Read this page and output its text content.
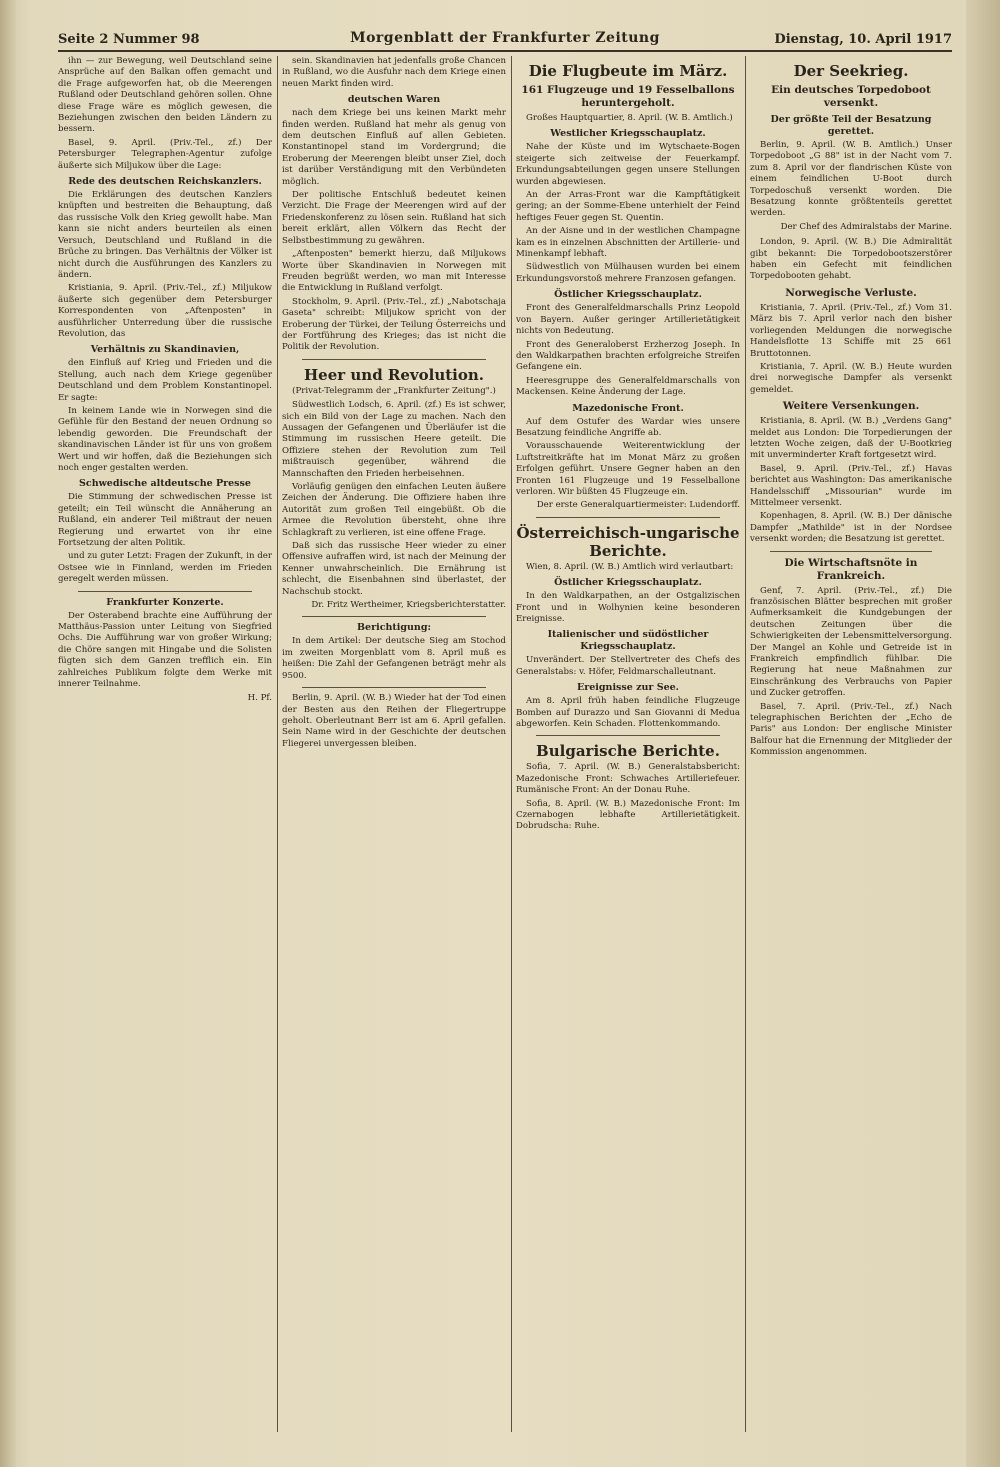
Seite 2 Nummer 98	Morgenblatt der Frankfurter Zeitung	Dienstag, 10. April 1917

ihn — zur Bewegung, weil Deutschland seine Ansprüche auf den Balkan offen gemacht und die Frage aufgeworfen hat, ob die Meerengen Rußland oder Deutschland gehören sollen. Ohne diese Frage wäre es möglich gewesen, die Beziehungen zwischen den beiden Ländern zu bessern.

Basel, 9. April. (Priv.-Tel., zf.) Der Petersburger Telegraphen-Agentur zufolge äußerte sich Miljukow über die Lage:

Rede des deutschen Reichskanzlers.

Die Erklärungen des deutschen Kanzlers knüpften und bestreiten die Behauptung, daß das russische Volk den Krieg gewollt habe. Man kann sie nicht anders beurteilen als einen Versuch, Deutschland und Rußland in die Brüche zu bringen. Das Verhältnis der Völker ist nicht durch die Ausführungen des Kanzlers zu ändern.

Kristiania, 9. April. (Priv.-Tel., zf.) Miljukow äußerte sich gegenüber dem Petersburger Korrespondenten von „Aftenposten" in ausführlicher Unterredung über die russische Revolution, das

Verhältnis zu Skandinavien,

den Einfluß auf Krieg und Frieden und die Stellung, auch nach dem Kriege gegenüber Deutschland und dem Problem Konstantinopel. Er sagte:

In keinem Lande wie in Norwegen sind die Gefühle für den Bestand der neuen Ordnung so lebendig geworden. Die Freundschaft der skandinavischen Länder ist für uns von großem Wert und wir hoffen, daß die Beziehungen sich noch enger gestalten werden.

Schwedische altdeutsche Presse

Die Stimmung der schwedischen Presse ist geteilt; ein Teil wünscht die Annäherung an Rußland, ein anderer Teil mißtraut der neuen Regierung und erwartet von ihr eine Fortsetzung der alten Politik.

und zu guter Letzt: Fragen der Zukunft, in der Ostsee wie in Finnland, werden im Frieden geregelt werden müssen.

Frankfurter Konzerte.

Der Osterabend brachte eine Aufführung der Matthäus-Passion unter Leitung von Siegfried Ochs. Die Aufführung war von großer Wirkung; die Chöre sangen mit Hingabe und die Solisten fügten sich dem Ganzen trefflich ein. Ein zahlreiches Publikum folgte dem Werke mit innerer Teilnahme.

H. Pf.

sein. Skandinavien hat jedenfalls große Chancen in Rußland, wo die Ausfuhr nach dem Kriege einen neuen Markt finden wird.

deutschen Waren

nach dem Kriege bei uns keinen Markt mehr finden werden. Rußland hat mehr als genug von dem deutschen Einfluß auf allen Gebieten. Konstantinopel stand im Vordergrund; die Eroberung der Meerengen bleibt unser Ziel, doch ist darüber Verständigung mit den Verbündeten möglich.

Der politische Entschluß bedeutet keinen Verzicht. Die Frage der Meerengen wird auf der Friedenskonferenz zu lösen sein. Rußland hat sich bereit erklärt, allen Völkern das Recht der Selbstbestimmung zu gewähren.

„Aftenposten" bemerkt hierzu, daß Miljukows Worte über Skandinavien in Norwegen mit Freuden begrüßt werden, wo man mit Interesse die Entwicklung in Rußland verfolgt.

Stockholm, 9. April. (Priv.-Tel., zf.) „Nabotschaja Gaseta" schreibt: Miljukow spricht von der Eroberung der Türkei, der Teilung Österreichs und der Fortführung des Krieges; das ist nicht die Politik der Revolution.

Heer und Revolution.
(Privat-Telegramm der „Frankfurter Zeitung".)

Südwestlich Lodsch, 6. April. (zf.) Es ist schwer, sich ein Bild von der Lage zu machen. Nach den Aussagen der Gefangenen und Überläufer ist die Stimmung im russischen Heere geteilt. Die Offiziere stehen der Revolution zum Teil mißtrauisch gegenüber, während die Mannschaften den Frieden herbeisehnen.

Vorläufig genügen den einfachen Leuten äußere Zeichen der Änderung. Die Offiziere haben ihre Autorität zum großen Teil eingebüßt. Ob die Armee die Revolution übersteht, ohne ihre Schlagkraft zu verlieren, ist eine offene Frage.

Daß sich das russische Heer wieder zu einer Offensive aufraffen wird, ist nach der Meinung der Kenner unwahrscheinlich. Die Ernährung ist schlecht, die Eisenbahnen sind überlastet, der Nachschub stockt.

Dr. Fritz Wertheimer, Kriegsberichterstatter.
Berichtigung:

In dem Artikel: Der deutsche Sieg am Stochod im zweiten Morgenblatt vom 8. April muß es heißen: Die Zahl der Gefangenen beträgt mehr als 9500.

Berlin, 9. April. (W. B.) Wieder hat der Tod einen der Besten aus den Reihen der Fliegertruppe geholt. Oberleutnant Berr ist am 6. April gefallen. Sein Name wird in der Geschichte der deutschen Fliegerei unvergessen bleiben.

Die Flugbeute im März.
161 Flugzeuge und 19 Fesselballons heruntergeholt.

Großes Hauptquartier, 8. April. (W. B. Amtlich.)

Westlicher Kriegsschauplatz.

Nahe der Küste und im Wytschaete-Bogen steigerte sich zeitweise der Feuerkampf. Erkundungsabteilungen gegen unsere Stellungen wurden abgewiesen.

An der Arras-Front war die Kampftätigkeit gering; an der Somme-Ebene unterhielt der Feind heftiges Feuer gegen St. Quentin.

An der Aisne und in der westlichen Champagne kam es in einzelnen Abschnitten der Artillerie- und Minenkampf lebhaft.

Südwestlich von Mülhausen wurden bei einem Erkundungsvorstoß mehrere Franzosen gefangen.

Östlicher Kriegsschauplatz.

Front des Generalfeldmarschalls Prinz Leopold von Bayern. Außer geringer Artillerietätigkeit nichts von Bedeutung.

Front des Generaloberst Erzherzog Joseph. In den Waldkarpathen brachten erfolgreiche Streifen Gefangene ein.

Heeresgruppe des Generalfeldmarschalls von Mackensen. Keine Änderung der Lage.

Mazedonische Front.

Auf dem Ostufer des Wardar wies unsere Besatzung feindliche Angriffe ab.

Vorausschauende Weiterentwicklung der Luftstreitkräfte hat im Monat März zu großen Erfolgen geführt. Unsere Gegner haben an den Fronten 161 Flugzeuge und 19 Fesselballone verloren. Wir büßten 45 Flugzeuge ein.

Der erste Generalquartiermeister: Ludendorff.
Österreichisch-ungarische Berichte.

Wien, 8. April. (W. B.) Amtlich wird verlautbart:

Östlicher Kriegsschauplatz.

In den Waldkarpathen, an der Ostgalizischen Front und in Wolhynien keine besonderen Ereignisse.

Italienischer und südöstlicher Kriegsschauplatz.

Unverändert. Der Stellvertreter des Chefs des Generalstabs: v. Höfer, Feldmarschalleutnant.

Ereignisse zur See.

Am 8. April früh haben feindliche Flugzeuge Bomben auf Durazzo und San Giovanni di Medua abgeworfen. Kein Schaden. Flottenkommando.

Bulgarische Berichte.

Sofia, 7. April. (W. B.) Generalstabsbericht: Mazedonische Front: Schwaches Artilleriefeuer. Rumänische Front: An der Donau Ruhe.

Sofia, 8. April. (W. B.) Mazedonische Front: Im Czernabogen lebhafte Artillerietätigkeit. Dobrudscha: Ruhe.

Der Seekrieg.
Ein deutsches Torpedoboot versenkt.
Der größte Teil der Besatzung gerettet.

Berlin, 9. April. (W. B. Amtlich.) Unser Torpedoboot „G 88" ist in der Nacht vom 7. zum 8. April vor der flandrischen Küste von einem feindlichen U-Boot durch Torpedoschuß versenkt worden. Die Besatzung konnte größtenteils gerettet werden.

Der Chef des Admiralstabs der Marine.

London, 9. April. (W. B.) Die Admiralität gibt bekannt: Die Torpedobootszerstörer haben ein Gefecht mit feindlichen Torpedobooten gehabt.

Norwegische Verluste.

Kristiania, 7. April. (Priv.-Tel., zf.) Vom 31. März bis 7. April verlor nach den bisher vorliegenden Meldungen die norwegische Handelsflotte 13 Schiffe mit 25 661 Bruttotonnen.

Kristiania, 7. April. (W. B.) Heute wurden drei norwegische Dampfer als versenkt gemeldet.

Weitere Versenkungen.

Kristiania, 8. April. (W. B.) „Verdens Gang" meldet aus London: Die Torpedierungen der letzten Woche zeigen, daß der U-Bootkrieg mit unverminderter Kraft fortgesetzt wird.

Basel, 9. April. (Priv.-Tel., zf.) Havas berichtet aus Washington: Das amerikanische Handelsschiff „Missourian" wurde im Mittelmeer versenkt.

Kopenhagen, 8. April. (W. B.) Der dänische Dampfer „Mathilde" ist in der Nordsee versenkt worden; die Besatzung ist gerettet.

Die Wirtschaftsnöte in Frankreich.

Genf, 7. April. (Priv.-Tel., zf.) Die französischen Blätter besprechen mit großer Aufmerksamkeit die Kundgebungen der deutschen Zeitungen über die Schwierigkeiten der Lebensmittelversorgung. Der Mangel an Kohle und Getreide ist in Frankreich empfindlich fühlbar. Die Regierung hat neue Maßnahmen zur Einschränkung des Verbrauchs von Papier und Zucker getroffen.

Basel, 7. April. (Priv.-Tel., zf.) Nach telegraphischen Berichten der „Echo de Paris" aus London: Der englische Minister Balfour hat die Ernennung der Mitglieder der Kommission angenommen.
